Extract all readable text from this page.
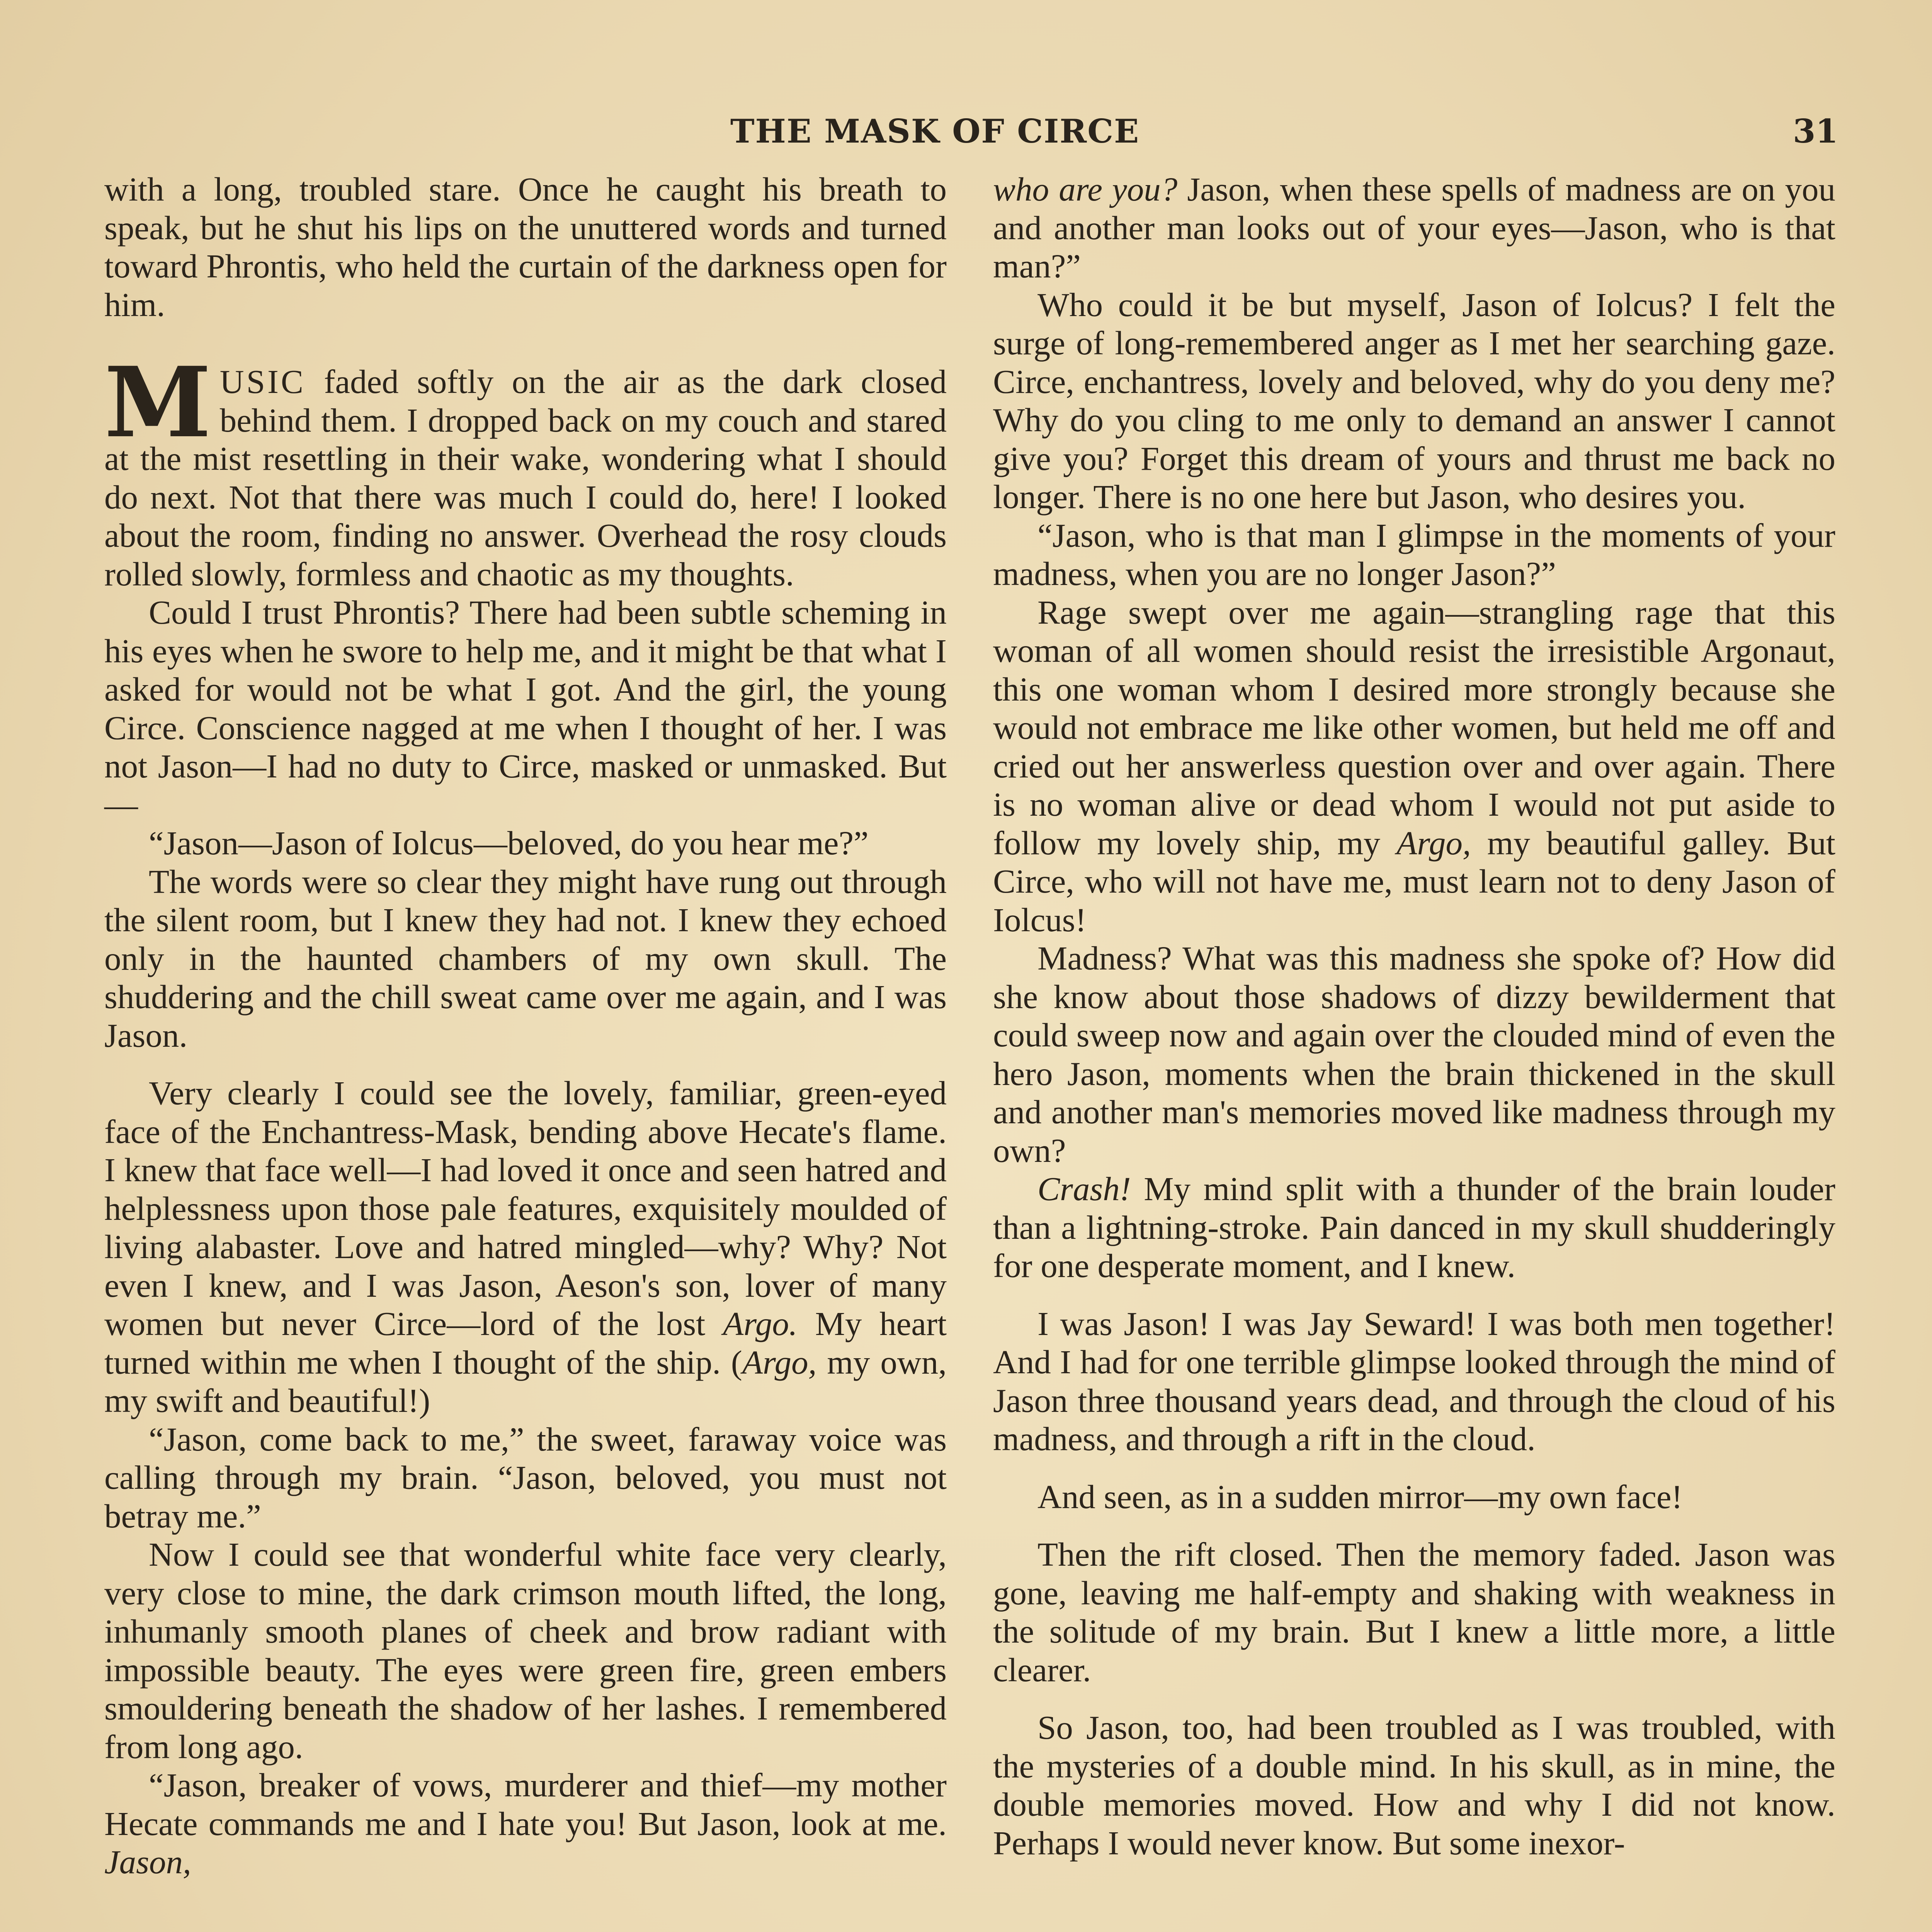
THE MASK OF CIRCE	31

with a long, troubled stare. Once he caught his breath to speak, but he shut his lips on the unuttered words and turned toward Phrontis, who held the curtain of the darkness open for him.

MUSIC faded softly on the air as the dark closed behind them. I dropped back on my couch and stared at the mist resettling in their wake, wondering what I should do next. Not that there was much I could do, here! I looked about the room, finding no answer. Overhead the rosy clouds rolled slowly, formless and chaotic as my thoughts.

Could I trust Phrontis? There had been subtle scheming in his eyes when he swore to help me, and it might be that what I asked for would not be what I got. And the girl, the young Circe. Conscience nagged at me when I thought of her. I was not Jason—I had no duty to Circe, masked or unmasked. But—

“Jason—Jason of Iolcus—beloved, do you hear me?”

The words were so clear they might have rung out through the silent room, but I knew they had not. I knew they echoed only in the haunted chambers of my own skull. The shuddering and the chill sweat came over me again, and I was Jason.

Very clearly I could see the lovely, familiar, green-eyed face of the Enchantress-Mask, bending above Hecate's flame. I knew that face well—I had loved it once and seen hatred and helplessness upon those pale features, exquisitely moulded of living alabaster. Love and hatred mingled—why? Why? Not even I knew, and I was Jason, Aeson's son, lover of many women but never Circe—lord of the lost Argo. My heart turned within me when I thought of the ship. (Argo, my own, my swift and beautiful!)

“Jason, come back to me,” the sweet, faraway voice was calling through my brain. “Jason, beloved, you must not betray me.”

Now I could see that wonderful white face very clearly, very close to mine, the dark crimson mouth lifted, the long, inhumanly smooth planes of cheek and brow radiant with impossible beauty. The eyes were green fire, green embers smouldering beneath the shadow of her lashes. I remembered from long ago.

“Jason, breaker of vows, murderer and thief—my mother Hecate commands me and I hate you! But Jason, look at me. Jason,

who are you? Jason, when these spells of madness are on you and another man looks out of your eyes—Jason, who is that man?”

Who could it be but myself, Jason of Iolcus? I felt the surge of long-remembered anger as I met her searching gaze. Circe, enchantress, lovely and beloved, why do you deny me? Why do you cling to me only to demand an answer I cannot give you? Forget this dream of yours and thrust me back no longer. There is no one here but Jason, who desires you.

“Jason, who is that man I glimpse in the moments of your madness, when you are no longer Jason?”

Rage swept over me again—strangling rage that this woman of all women should resist the irresistible Argonaut, this one woman whom I desired more strongly because she would not embrace me like other women, but held me off and cried out her answerless question over and over again. There is no woman alive or dead whom I would not put aside to follow my lovely ship, my Argo, my beautiful galley. But Circe, who will not have me, must learn not to deny Jason of Iolcus!

Madness? What was this madness she spoke of? How did she know about those shadows of dizzy bewilderment that could sweep now and again over the clouded mind of even the hero Jason, moments when the brain thickened in the skull and another man's memories moved like madness through my own?

Crash! My mind split with a thunder of the brain louder than a lightning-stroke. Pain danced in my skull shudderingly for one desperate moment, and I knew.

I was Jason! I was Jay Seward! I was both men together! And I had for one terrible glimpse looked through the mind of Jason three thousand years dead, and through the cloud of his madness, and through a rift in the cloud.

And seen, as in a sudden mirror—my own face!

Then the rift closed. Then the memory faded. Jason was gone, leaving me half-empty and shaking with weakness in the solitude of my brain. But I knew a little more, a little clearer.

So Jason, too, had been troubled as I was troubled, with the mysteries of a double mind. In his skull, as in mine, the double memories moved. How and why I did not know. Perhaps I would never know. But some inexor-
